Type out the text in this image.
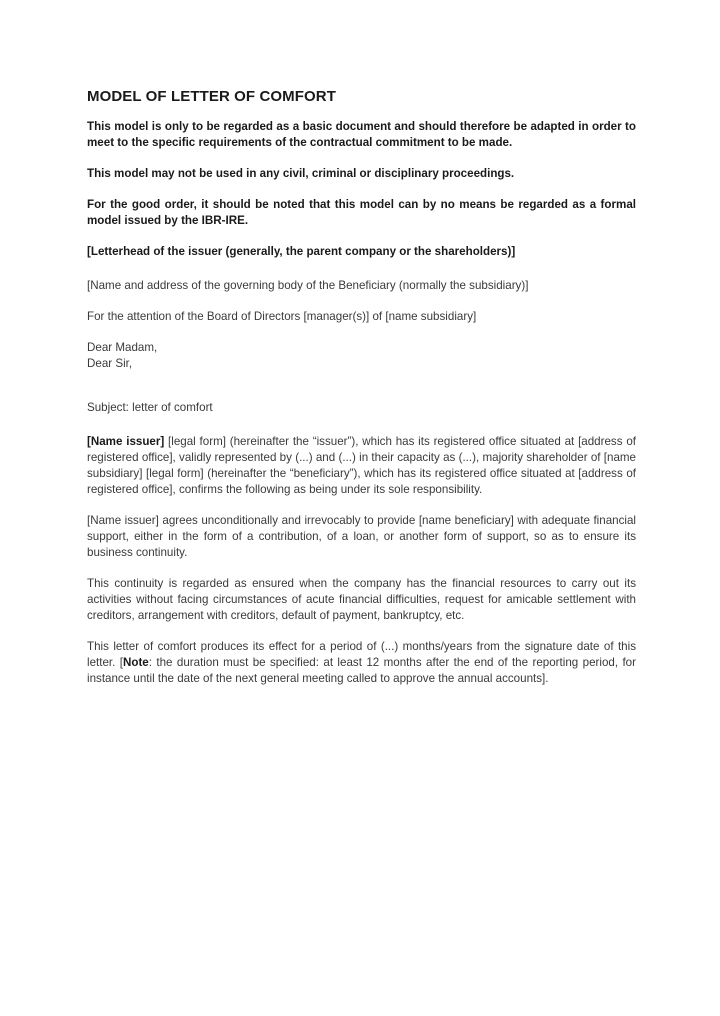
MODEL OF LETTER OF COMFORT

This model is only to be regarded as a basic document and should therefore be adapted in order to meet to the specific requirements of the contractual commitment to be made.

This model may not be used in any civil, criminal or disciplinary proceedings.

For the good order, it should be noted that this model can by no means be regarded as a formal model issued by the IBR-IRE.

[Letterhead of the issuer (generally, the parent company or the shareholders)]

[Name and address of the governing body of the Beneficiary (normally the subsidiary)]

For the attention of the Board of Directors [manager(s)] of [name subsidiary]

Dear Madam,

Dear Sir,

Subject: letter of comfort

[Name issuer] [legal form] (hereinafter the “issuer”), which has its registered office situated at [address of registered office], validly represented by (...) and (...) in their capacity as (...), majority shareholder of [name subsidiary] [legal form] (hereinafter the “beneficiary”), which has its registered office situated at [address of registered office], confirms the following as being under its sole responsibility.

[Name issuer] agrees unconditionally and irrevocably to provide [name beneficiary] with adequate financial support, either in the form of a contribution, of a loan, or another form of support, so as to ensure its business continuity.

This continuity is regarded as ensured when the company has the financial resources to carry out its activities without facing circumstances of acute financial difficulties, request for amicable settlement with creditors, arrangement with creditors, default of payment, bankruptcy, etc.

This letter of comfort produces its effect for a period of (...) months/years from the signature date of this letter. [Note: the duration must be specified: at least 12 months after the end of the reporting period, for instance until the date of the next general meeting called to approve the annual accounts].
